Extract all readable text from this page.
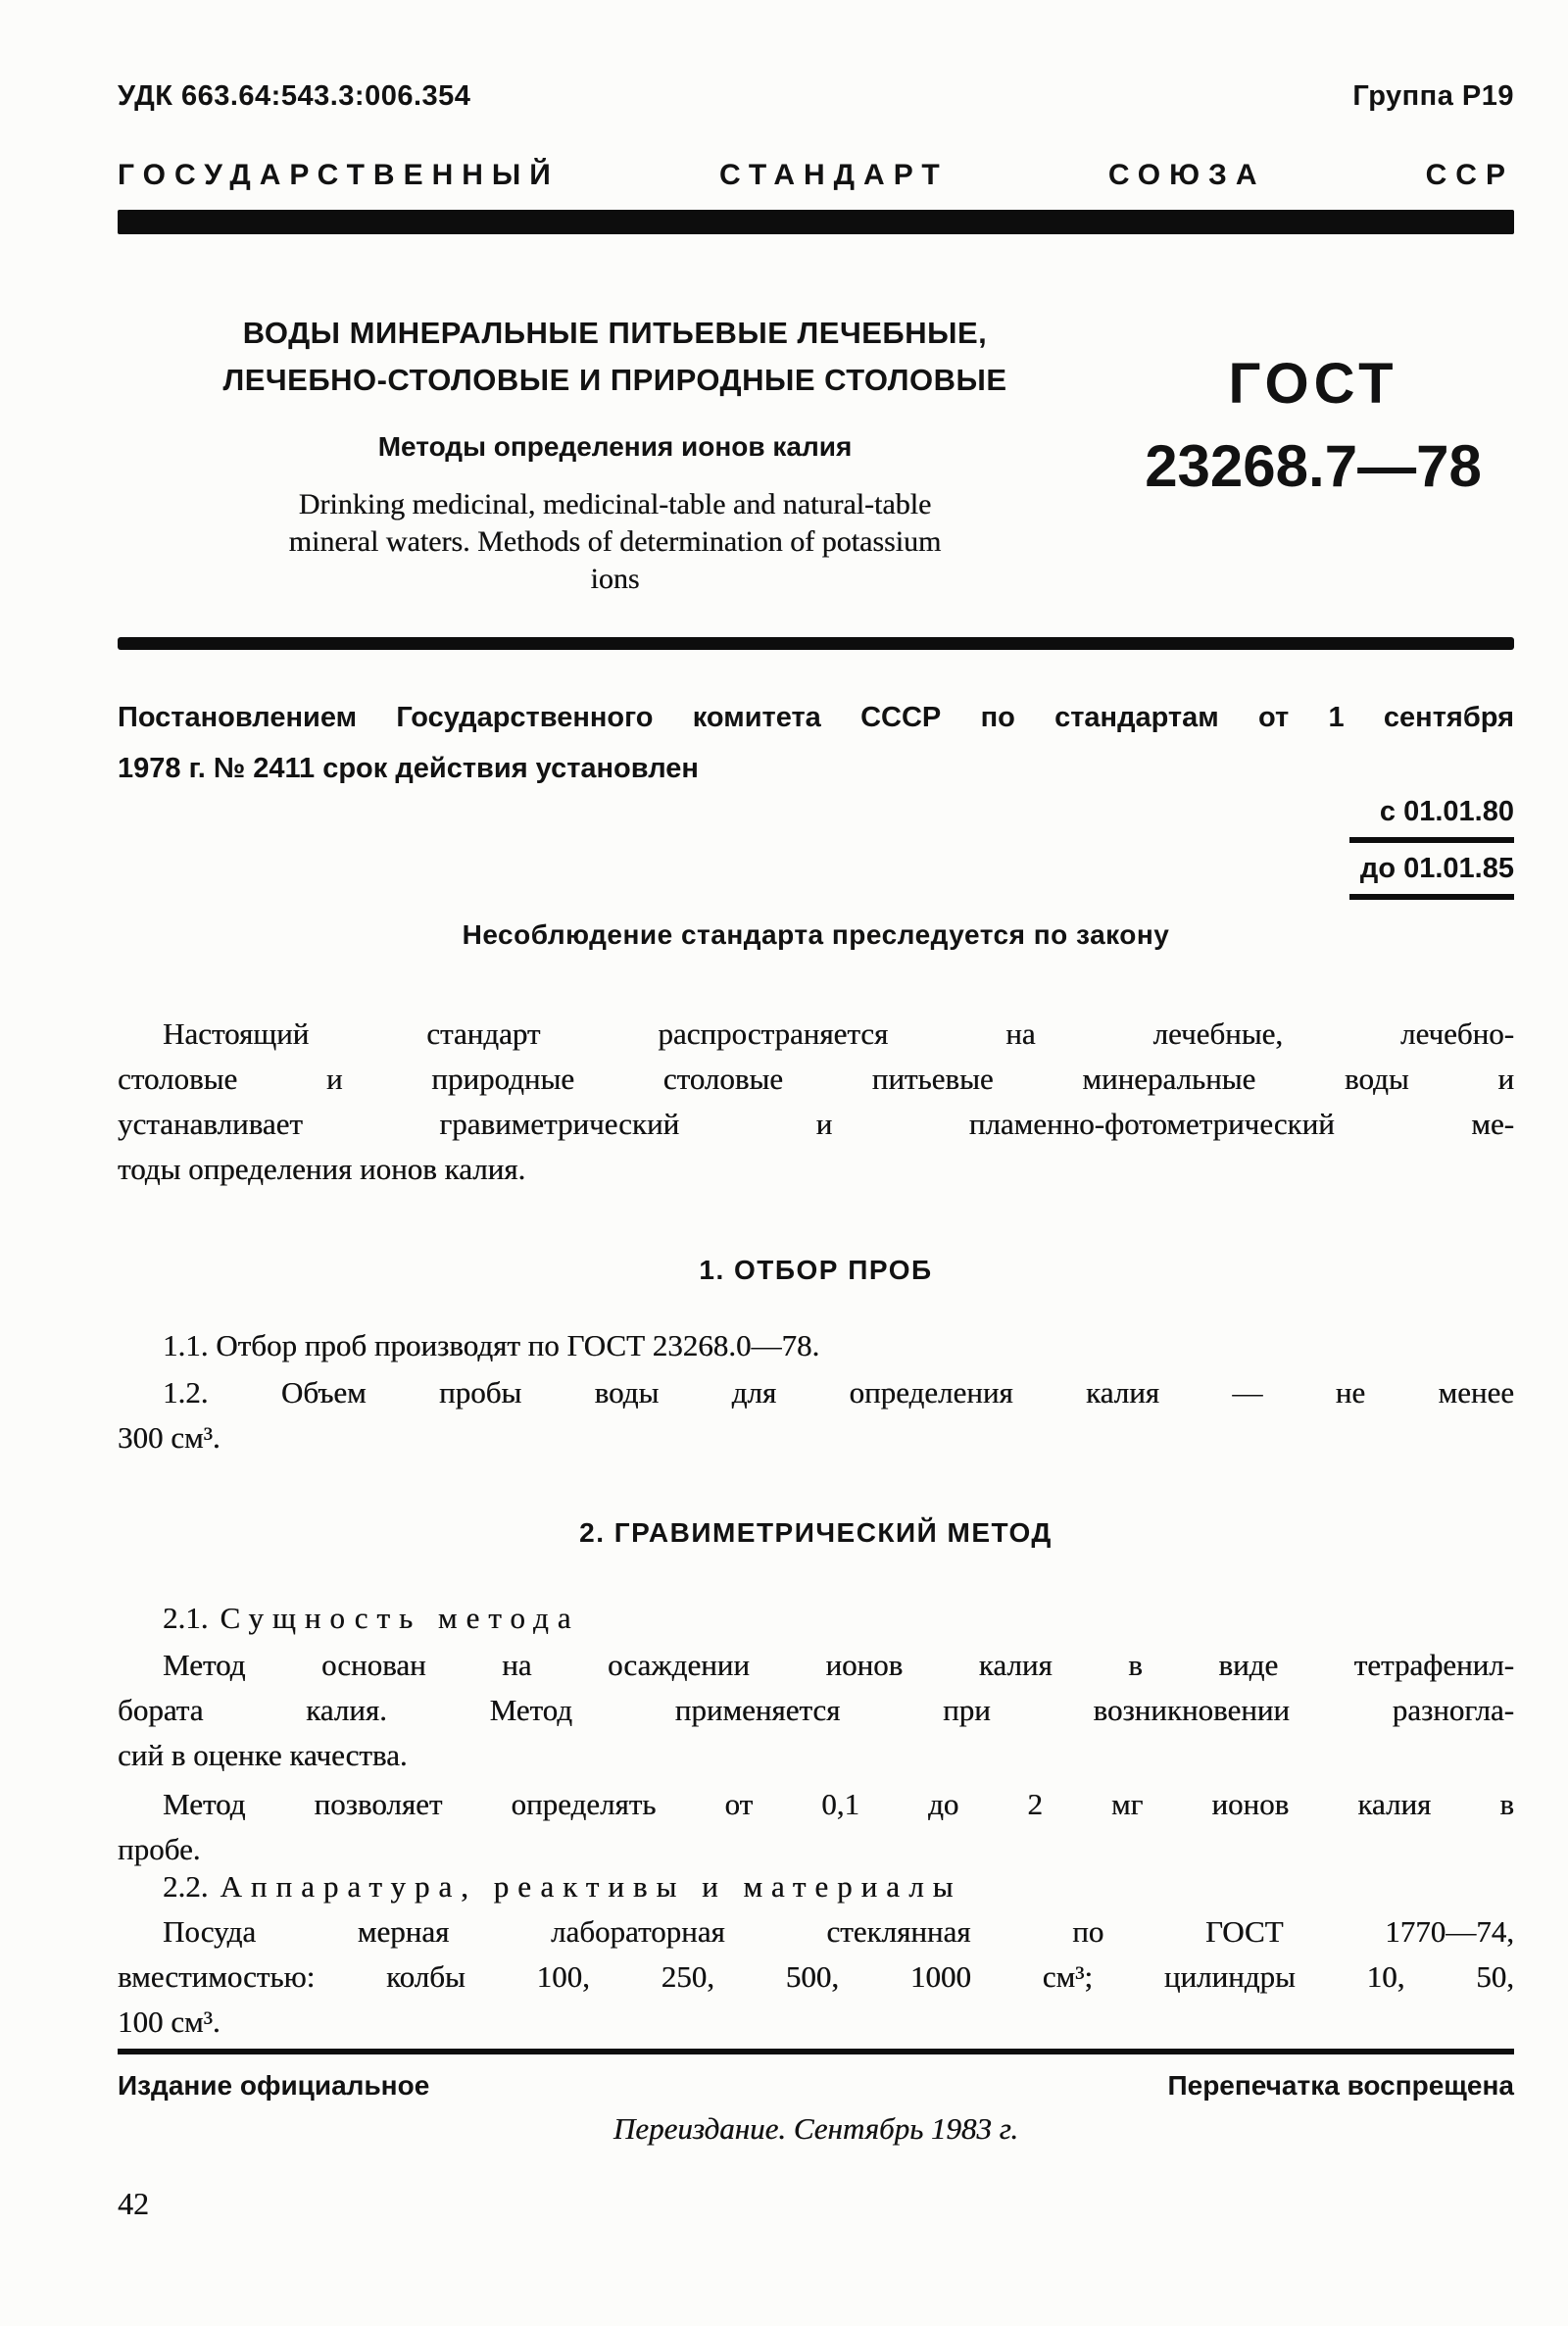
УДК 663.64:543.3:006.354	Группа Р19
ГОСУДАРСТВЕННЫЙ	СТАНДАРТ	СОЮЗА	ССР
ВОДЫ МИНЕРАЛЬНЫЕ ПИТЬЕВЫЕ ЛЕЧЕБНЫЕ,
ЛЕЧЕБНО-СТОЛОВЫЕ И ПРИРОДНЫЕ СТОЛОВЫЕ
Методы определения ионов калия
Drinking medicinal, medicinal-table and natural-table
mineral waters. Methods of determination of potassium
ions
ГОСТ
23268.7—78
Постановлением Государственного комитета СССР по стандартам от 1 сентября
1978 г. № 2411 срок действия установлен
с 01.01.80
до 01.01.85
Несоблюдение стандарта преследуется по закону
Настоящий стандарт распространяется на лечебные, лечебно-
столовые и природные столовые питьевые минеральные воды и
устанавливает гравиметрический и пламенно-фотометрический ме-
тоды определения ионов калия.
1. ОТБОР ПРОБ
1.1. Отбор проб производят по ГОСТ 23268.0—78.
1.2. Объем пробы воды для определения калия — не менее
300 см³.
2. ГРАВИМЕТРИЧЕСКИЙ МЕТОД
2.1. Сущность метода
Метод основан на осаждении ионов калия в виде тетрафенил-
бората калия. Метод применяется при возникновении разногла-
сий в оценке качества.
Метод позволяет определять от 0,1 до 2 мг ионов калия в
пробе.
2.2. Аппаратура, реактивы и материалы
Посуда мерная лабораторная стеклянная по ГОСТ 1770—74,
вместимостью: колбы 100, 250, 500, 1000 см³; цилиндры 10, 50,
100 см³.
Издание официальное	Перепечатка воспрещена
Переиздание. Сентябрь 1983 г.
42
